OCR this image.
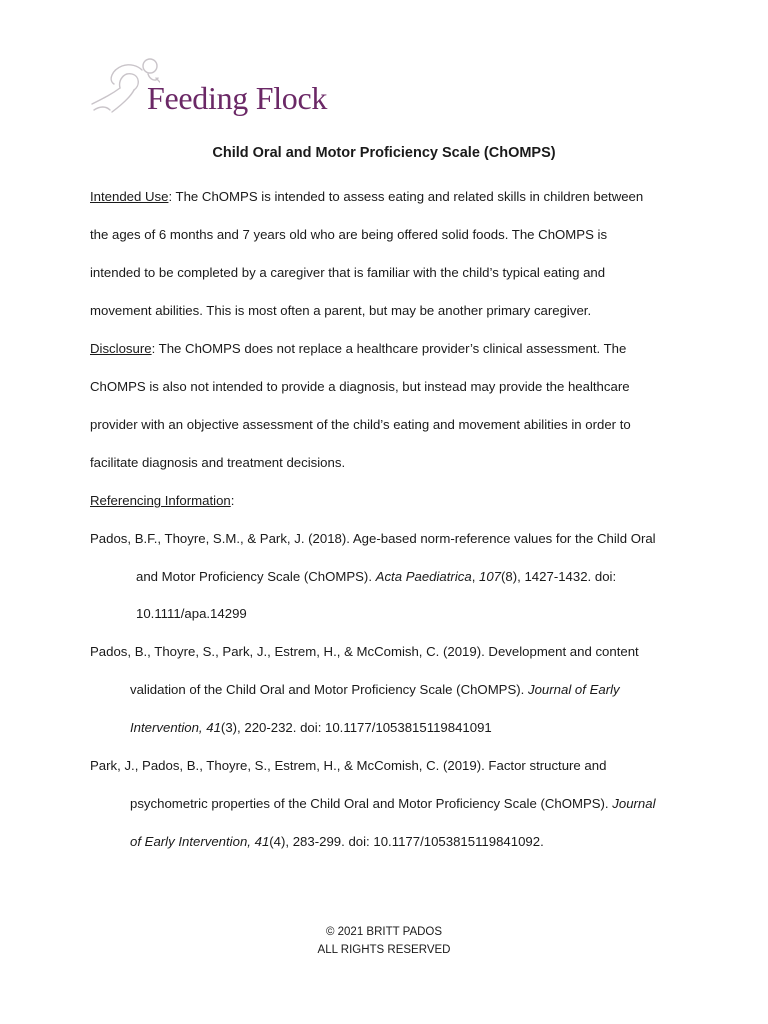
Feeding Flock
Child Oral and Motor Proficiency Scale (ChOMPS)
Intended Use: The ChOMPS is intended to assess eating and related skills in children between
the ages of 6 months and 7 years old who are being offered solid foods. The ChOMPS is
intended to be completed by a caregiver that is familiar with the child’s typical eating and
movement abilities. This is most often a parent, but may be another primary caregiver.
Disclosure: The ChOMPS does not replace a healthcare provider’s clinical assessment. The
ChOMPS is also not intended to provide a diagnosis, but instead may provide the healthcare
provider with an objective assessment of the child’s eating and movement abilities in order to
facilitate diagnosis and treatment decisions.
Referencing Information:
Pados, B.F., Thoyre, S.M., & Park, J. (2018). Age-based norm-reference values for the Child Oral
and Motor Proficiency Scale (ChOMPS). Acta Paediatrica, 107(8), 1427-1432. doi:
10.1111/apa.14299
Pados, B., Thoyre, S., Park, J., Estrem, H., & McComish, C. (2019). Development and content
validation of the Child Oral and Motor Proficiency Scale (ChOMPS). Journal of Early
Intervention, 41(3), 220-232. doi: 10.1177/1053815119841091
Park, J., Pados, B., Thoyre, S., Estrem, H., & McComish, C. (2019). Factor structure and
psychometric properties of the Child Oral and Motor Proficiency Scale (ChOMPS). Journal
of Early Intervention, 41(4), 283-299. doi: 10.1177/1053815119841092.
© 2021 BRITT PADOS
ALL RIGHTS RESERVED
